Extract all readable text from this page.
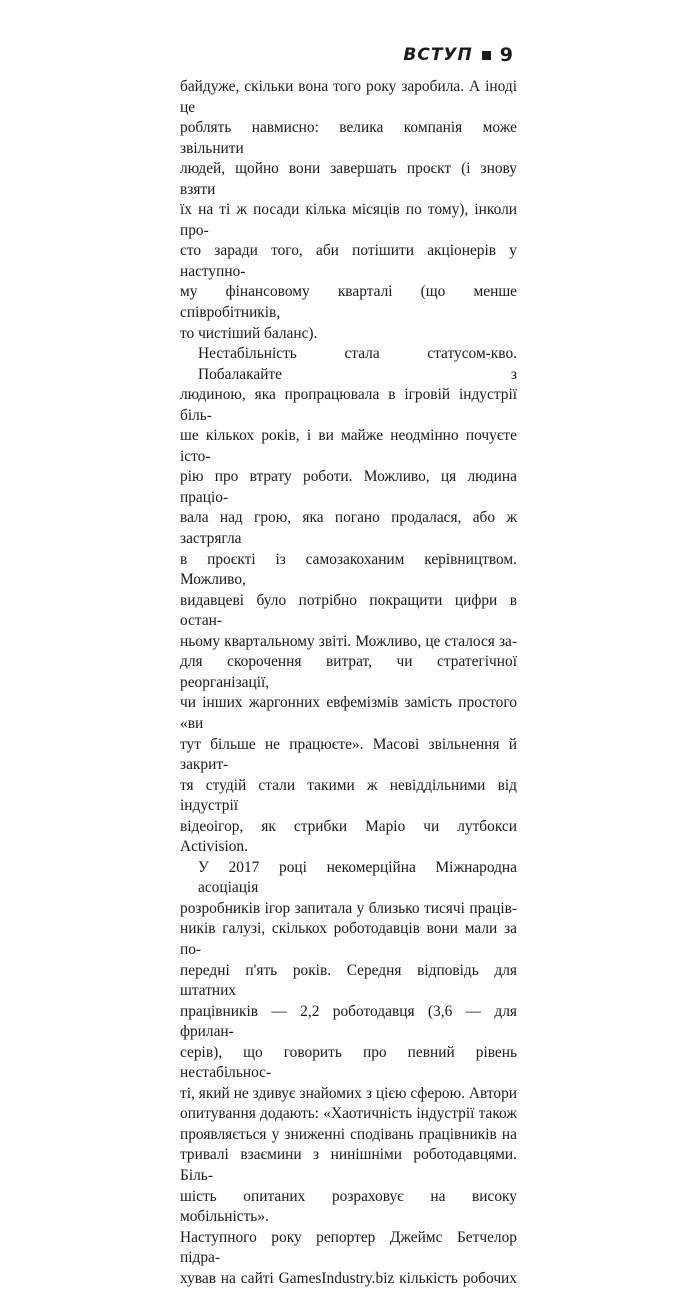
ВСТУП 9

байдуже, скільки вона того року заробила. А іноді це

роблять навмисно: велика компанія може звільнити

людей, щойно вони завершать проєкт (і знову взяти

їх на ті ж посади кілька місяців по тому), інколи про-

сто заради того, аби потішити акціонерів у наступно-

му фінансовому кварталі (що менше співробітників,

то чистіший баланс).

Нестабільність стала статусом-кво. Побалакайте з

людиною, яка пропрацювала в ігровій індустрії біль-

ше кількох років, і ви майже неодмінно почуєте істо-

рію про втрату роботи. Можливо, ця людина праціо-

вала над грою, яка погано продалася, або ж застрягла

в проєкті із самозакоханим керівництвом. Можливо,

видавцеві було потрібно покращити цифри в остан-

ньому квартальному звіті. Можливо, це сталося за-

для скорочення витрат, чи стратегічної реорганізації,

чи інших жаргонних евфемізмів замість простого «ви

тут більше не працюєте». Масові звільнення й закрит-

тя студій стали такими ж невіддільними від індустрії

відеоігор, як стрибки Маріо чи лутбокси Activision.

У 2017 році некомерційна Міжнародна асоціація

розробників ігор запитала у близько тисячі праців-

ників галузі, скількох роботодавців вони мали за по-

передні п'ять років. Середня відповідь для штатних

працівників — 2,2 роботодавця (3,6 — для фрилан-

серів), що говорить про певний рівень нестабільнос-

ті, який не здивує знайомих з цією сферою. Автори

опитування додають: «Хаотичність індустрії також

проявляється у зниженні сподівань працівників на

тривалі взаємини з нинішніми роботодавцями. Біль-

шість опитаних розраховує на високу мобільність».

Наступного року репортер Джеймс Бетчелор підра-

хував на сайті GamesIndustry.biz кількість робочих
